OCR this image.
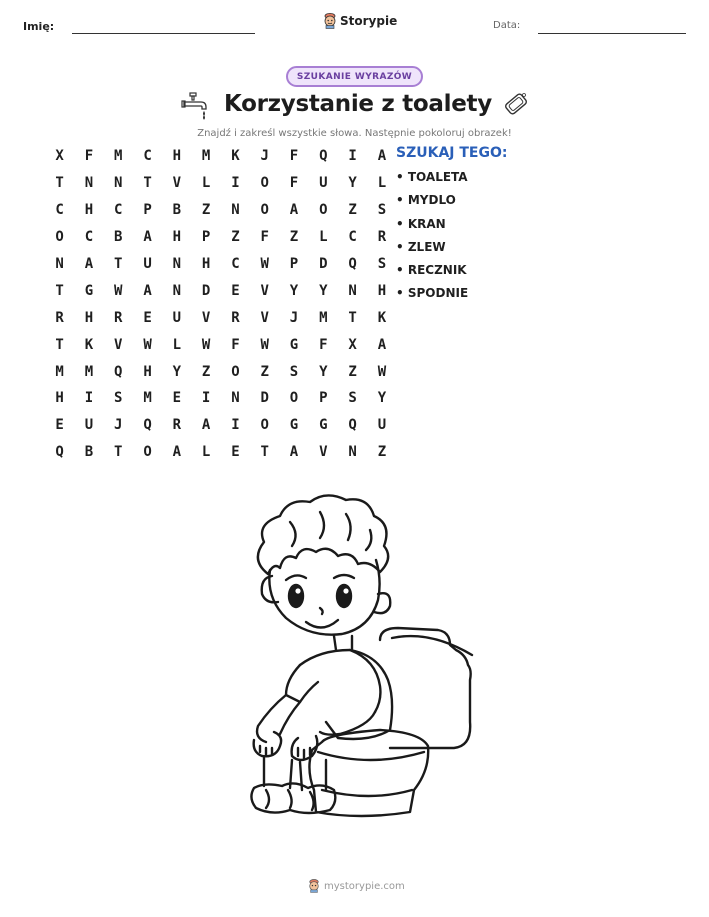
Imię:	Storypie	Data:
SZUKANIE WYRAZÓW
Korzystanie z toalety
Znajdź i zakreśl wszystkie słowa. Następnie pokoloruj obrazek!
X	F	M	C	H	M	K	J	F	Q	I	A
T	N	N	T	V	L	I	O	F	U	Y	L
C	H	C	P	B	Z	N	O	A	O	Z	S
O	C	B	A	H	P	Z	F	Z	L	C	R
N	A	T	U	N	H	C	W	P	D	Q	S
T	G	W	A	N	D	E	V	Y	Y	N	H
R	H	R	E	U	V	R	V	J	M	T	K
T	K	V	W	L	W	F	W	G	F	X	A
M	M	Q	H	Y	Z	O	Z	S	Y	Z	W
H	I	S	M	E	I	N	D	O	P	S	Y
E	U	J	Q	R	A	I	O	G	G	Q	U
Q	B	T	O	A	L	E	T	A	V	N	Z
SZUKAJ TEGO:
• TOALETA
• MYDLO
• KRAN
• ZLEW
• RECZNIK
• SPODNIE
mystorypie.com
